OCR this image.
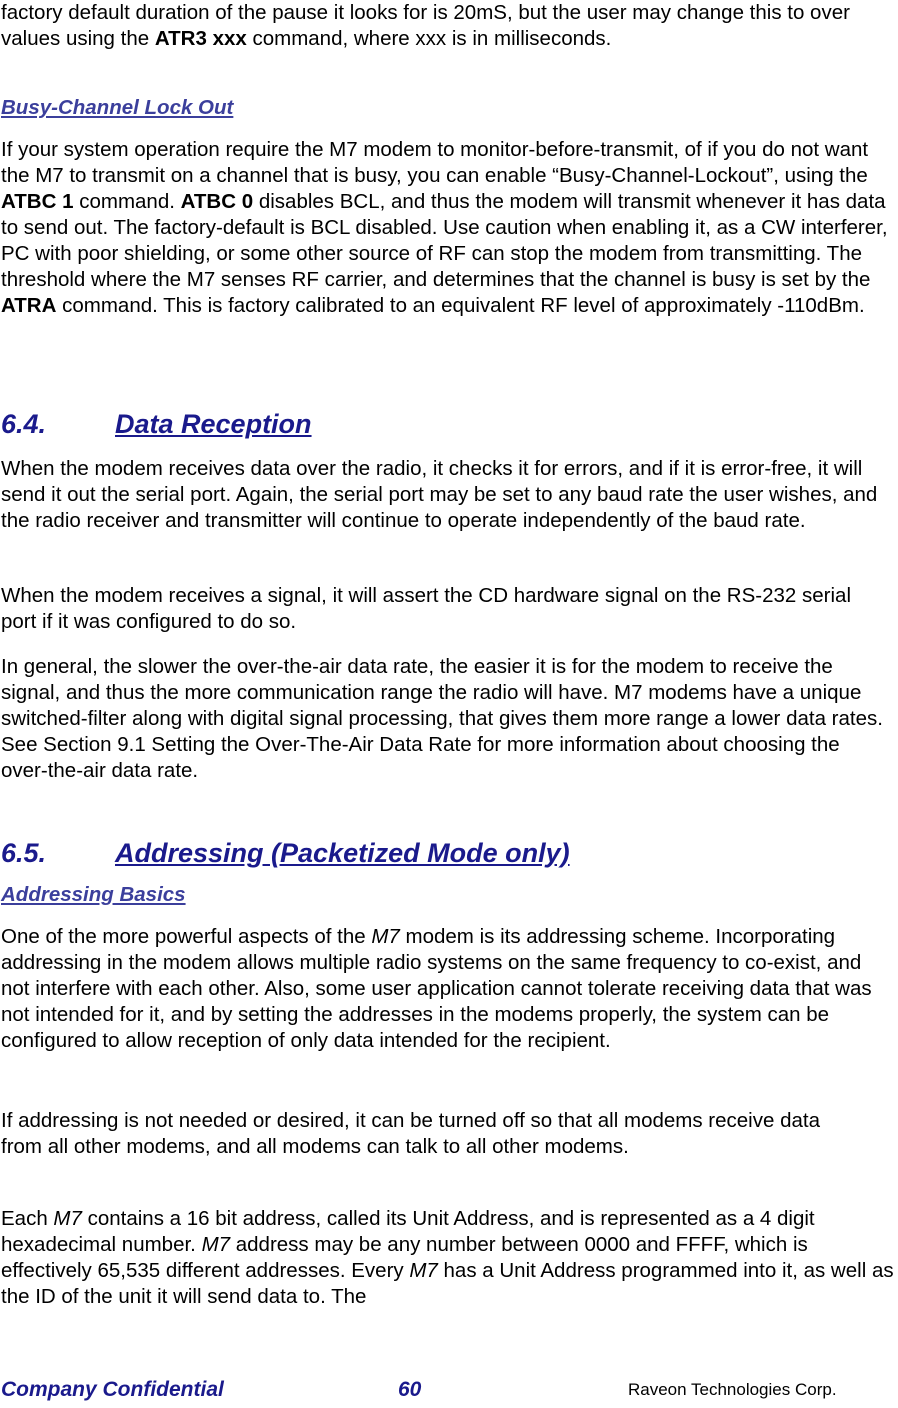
factory default duration of the pause it looks for is 20mS, but the user may change this to over values using the ATR3 xxx command, where xxx is in milliseconds.

Busy-Channel Lock Out

If your system operation require the M7 modem to monitor-before-transmit, of if you do not want the M7 to transmit on a channel that is busy, you can enable “Busy-Channel-Lockout”, using the ATBC 1 command. ATBC 0 disables BCL, and thus the modem will transmit whenever it has data to send out. The factory-default is BCL disabled. Use caution when enabling it, as a CW interferer, PC with poor shielding, or some other source of RF can stop the modem from transmitting. The threshold where the M7 senses RF carrier, and determines that the channel is busy is set by the ATRA command. This is factory calibrated to an equivalent RF level of approximately -110dBm.

6.4.	Data Reception

When the modem receives data over the radio, it checks it for errors, and if it is error-free, it will send it out the serial port. Again, the serial port may be set to any baud rate the user wishes, and the radio receiver and transmitter will continue to operate independently of the baud rate.

When the modem receives a signal, it will assert the CD hardware signal on the RS-232 serial port if it was configured to do so.

In general, the slower the over-the-air data rate, the easier it is for the modem to receive the signal, and thus the more communication range the radio will have. M7 modems have a unique switched-filter along with digital signal processing, that gives them more range a lower data rates. See Section 9.1 Setting the Over-The-Air Data Rate for more information about choosing the over-the-air data rate.

6.5.	Addressing (Packetized Mode only)
Addressing Basics

One of the more powerful aspects of the M7 modem is its addressing scheme. Incorporating addressing in the modem allows multiple radio systems on the same frequency to co-exist, and not interfere with each other. Also, some user application cannot tolerate receiving data that was not intended for it, and by setting the addresses in the modems properly, the system can be configured to allow reception of only data intended for the recipient.

If addressing is not needed or desired, it can be turned off so that all modems receive data from all other modems, and all modems can talk to all other modems.

Each M7 contains a 16 bit address, called its Unit Address, and is represented as a 4 digit hexadecimal number. M7 address may be any number between 0000 and FFFF, which is effectively 65,535 different addresses. Every M7 has a Unit Address programmed into it, as well as the ID of the unit it will send data to. The

Company Confidential	60	Raveon Technologies Corp.
